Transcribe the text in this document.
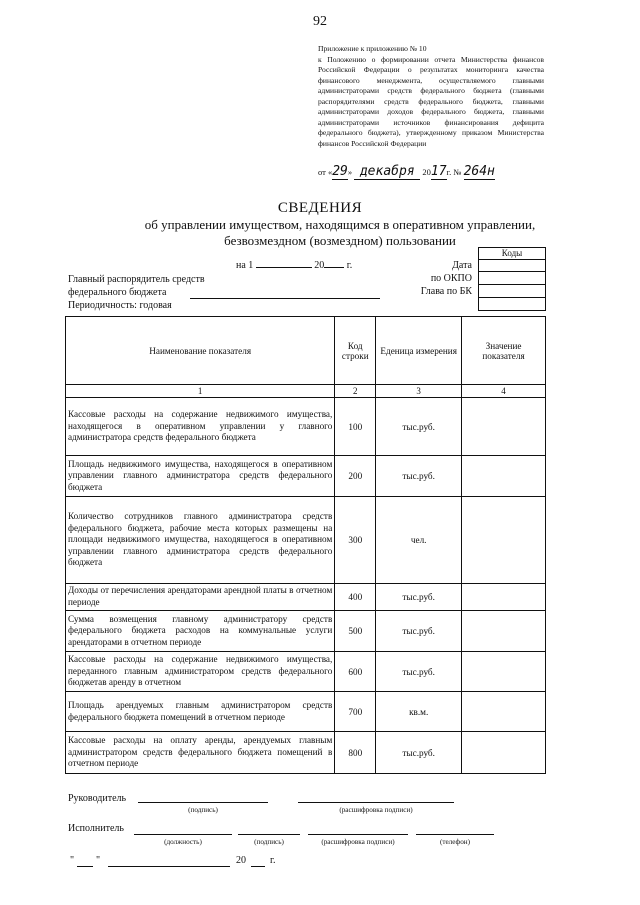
92
Приложение к приложению № 10
к Положению о формировании отчета Министерства финансов Российской Федерации о результатах мониторинга качества финансового менеджмента, осуществляемого главными администраторами средств федерального бюджета (главными распорядителями средств федерального бюджета, главными администраторами доходов федерального бюджета, главными администраторами источников финансирования дефицита федерального бюджета), утвержденному приказом Министерства финансов Российской Федерации
от «29» декабря 2017г. № 264н
СВЕДЕНИЯ
об управлении имуществом, находящимся в оперативном управлении,
безвозмездном (возмездном) пользовании
Коды
на 1	20 г.	Дата
по ОКПО
Глава по БК
Главный распорядитель средств
федерального бюджета
Периодичность: годовая
Наименование показателя	Код строки	Еденица измерения	Значение показателя
1	2	3	4
Кассовые расходы на содержание недвижимого имущества, находящегося в оперативном управлении у главного администратора средств федерального бюджета	100	тыс.руб.	
Площадь недвижимого имущества, находящегося в оперативном управлении главного администратора средств федерального бюджета	200	тыс.руб.	
Количество сотрудников главного администратора средств федерального бюджета, рабочие места которых размещены на площади недвижимого имущества, находящегося в оперативном управлении главного администратора средств федерального бюджета	300	чел.	
Доходы от перечисления арендаторами арендной платы в отчетном периоде	400	тыс.руб.	
Сумма возмещения главному администратору средств федерального бюджета расходов на коммунальные услуги арендаторами в отчетном периоде	500	тыс.руб.	
Кассовые расходы на содержание недвижимого имущества, переданного главным администратором средств федерального бюджетав аренду в отчетном	600	тыс.руб.	
Площадь арендуемых главным администратором средств федерального бюджета помещений в отчетном периоде	700	кв.м.	
Кассовые расходы на оплату аренды, арендуемых главным администратором средств федерального бюджета помещений в отчетном периоде	800	тыс.руб.	
Руководитель
(подпись)	(расшифровка подписи)
Исполнитель
(должность)	(подпись)	(расшифровка подписи)	(телефон)
" "	20 г.
